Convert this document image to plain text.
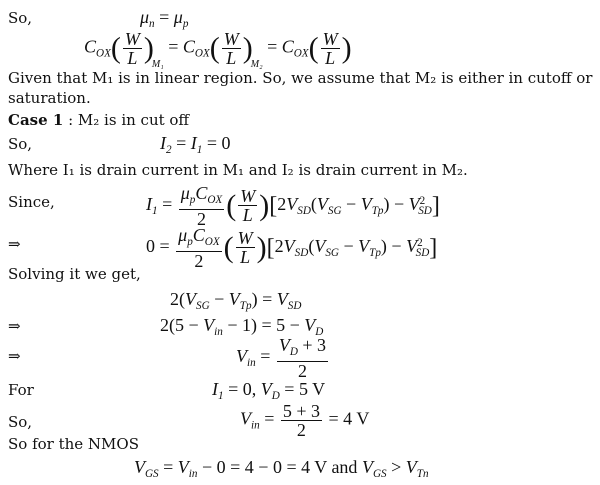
So,	$\mu_n = \mu_p$
$C_{OX}( \frac{W}{L} )_{M_1} = C_{OX}( \frac{W}{L} )_{M_2} = C_{OX}( \frac{W}{L}$ )
Given that M₁ is in linear region. So, we assume that M₂ is either in cutoff or
saturation.
Case 1 : M₂ is in cut off
So,	$I_2 = I_1 = 0$
Where I₁ is drain current in M₁ and I₂ is drain current in M₂.
Since,	$I_1 = \frac{\mu_pC_{OX}}{2}$ ( $\frac{W}{L} )[2V_{SD}(V_{SG} - V_{Tp}) - V^2_{SD}]$
⇒	$0 = \frac{\mu_pC_{OX}}{2}$ ( $\frac{W}{L} )[2V_{SD}(V_{SG} - V_{Tp}) - V^2_{SD}]$
Solving it we get,
$2(V_{SG} - V_{Tp}) = V_{SD}$
⇒	$2(5 - V_{in} - 1) = 5 - V_D$
⇒	$V_{in} = \frac{V_D + 3}{2}$
For	$I_1 = 0$, $V_D = 5$ V
So,	$V_{in} = \frac{5 + 3}{2} = 4$ V
So for the NMOS
$V_{GS} = V_{in} - 0 = 4 - 0 = 4$ V and $V_{GS} > V_{Tn}$
